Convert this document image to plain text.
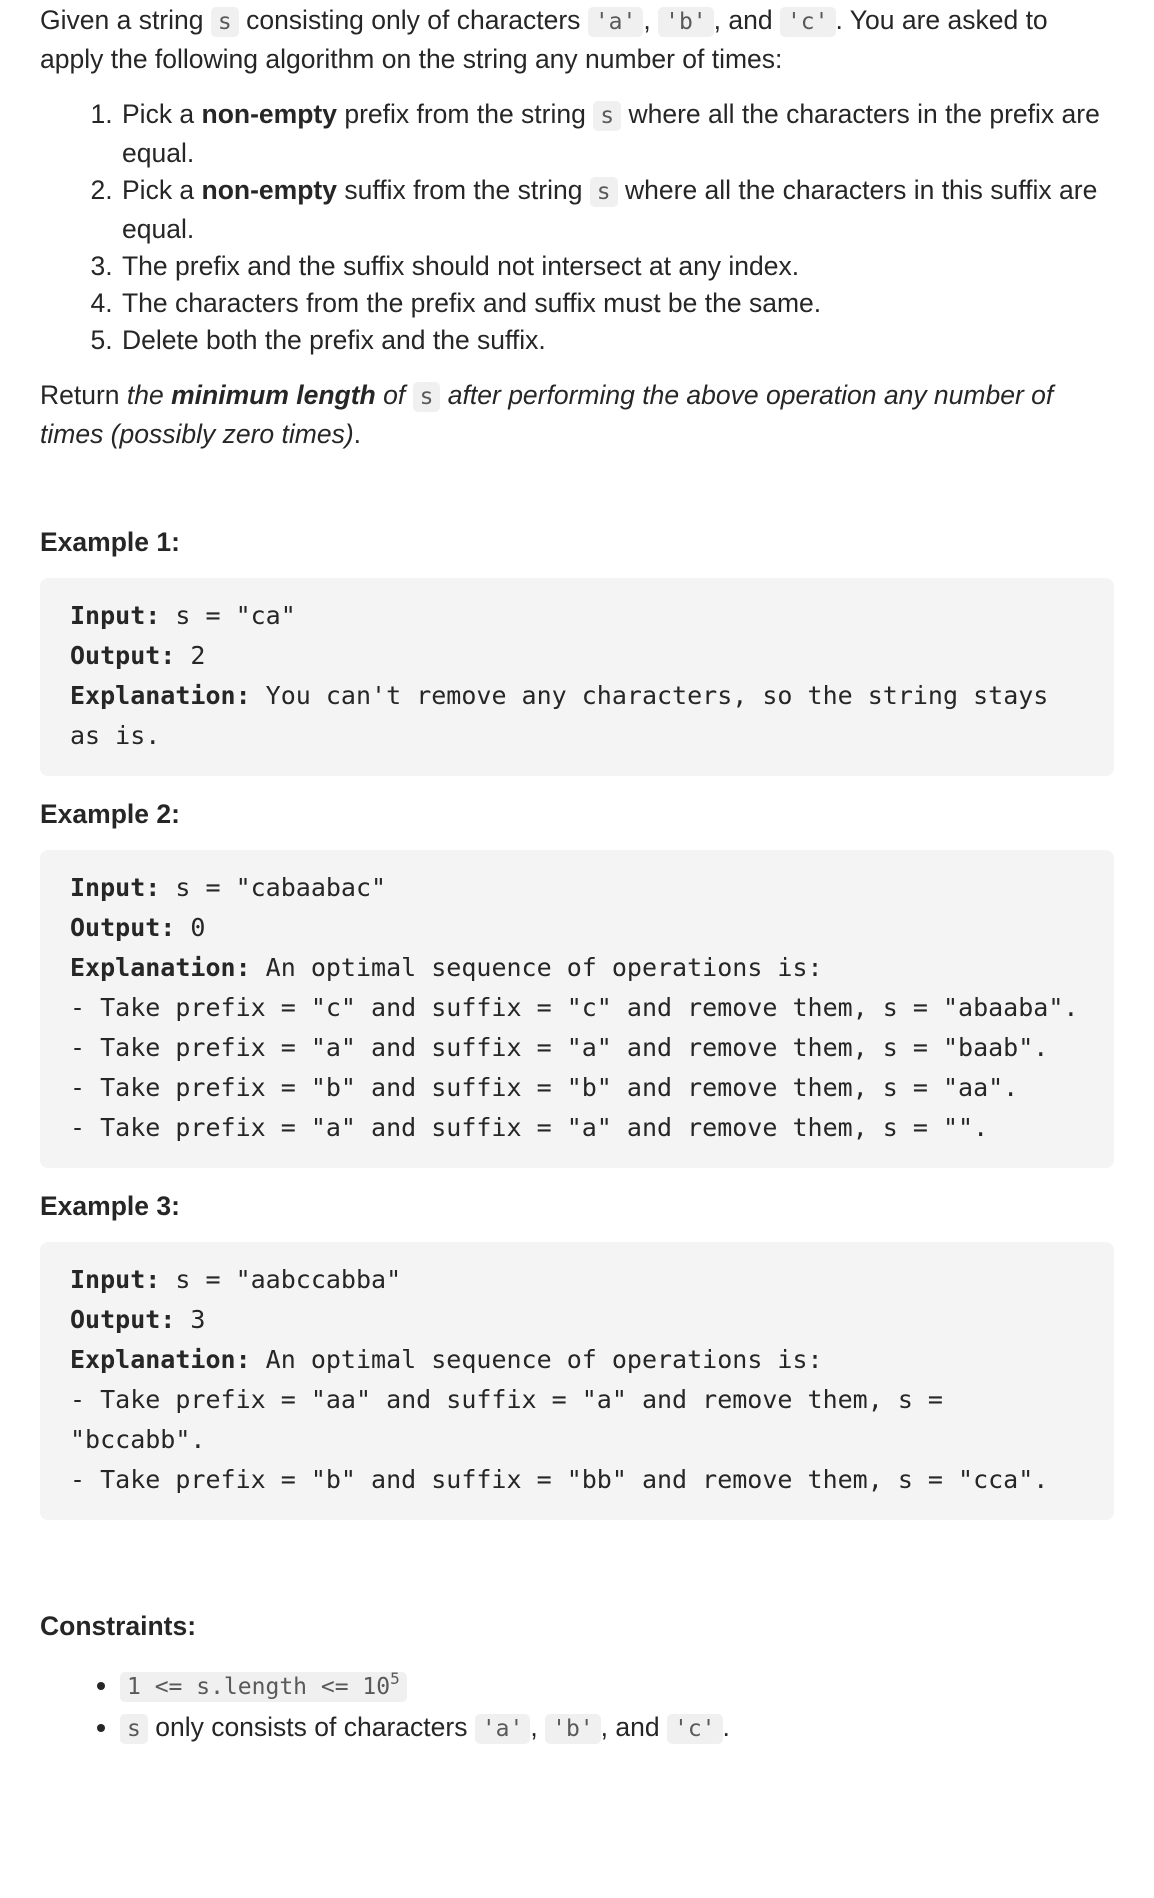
Given a string s consisting only of characters 'a' , 'b' , and 'c' . You are asked to apply the following algorithm on the string any number of times:

1. Pick a non-empty prefix from the string s where all the characters in the prefix are equal.
2. Pick a non-empty suffix from the string s where all the characters in this suffix are equal.
3. The prefix and the suffix should not intersect at any index.
4. The characters from the prefix and suffix must be the same.
5. Delete both the prefix and the suffix.

Return the minimum length of s after performing the above operation any number of times (possibly zero times).

Example 1:
Input: s = "ca"
Output: 2
Explanation: You can't remove any characters, so the string stays as is.
Example 2:
Input: s = "cabaabac"
Output: 0
Explanation: An optimal sequence of operations is:
- Take prefix = "c" and suffix = "c" and remove them, s = "abaaba".
- Take prefix = "a" and suffix = "a" and remove them, s = "baab".
- Take prefix = "b" and suffix = "b" and remove them, s = "aa".
- Take prefix = "a" and suffix = "a" and remove them, s = "".
Example 3:
Input: s = "aabccabba"
Output: 3
Explanation: An optimal sequence of operations is:
- Take prefix = "aa" and suffix = "a" and remove them, s = "bccabb".
- Take prefix = "b" and suffix = "bb" and remove them, s = "cca".
Constraints:
• 1 <= s.length <= $10^5$
• s only consists of characters 'a' , 'b' , and 'c' .
